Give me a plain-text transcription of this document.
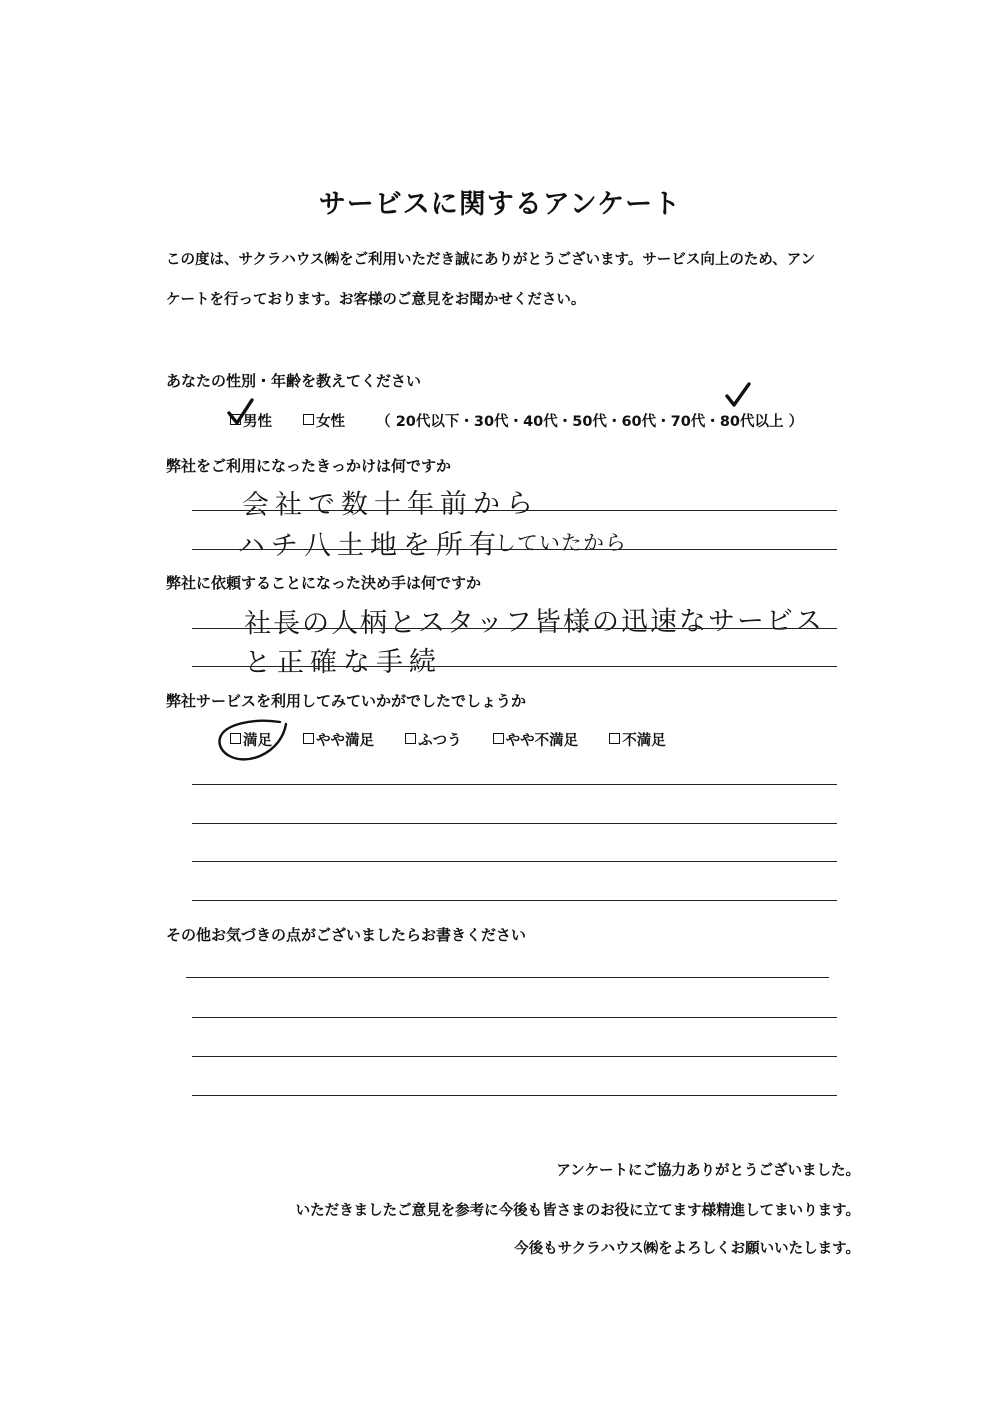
サービスに関するアンケート
この度は、サクラハウス㈱をご利用いただき誠にありがとうございます。サービス向上のため、アン
ケートを行っております。お客様のご意見をお聞かせください。
あなたの性別・年齢を教えてください
男性	女性 （ 20代以下・30代・40代・50代・60代・70代・80代以上 ）
弊社をご利用になったきっかけは何ですか
会社で数十年前から
ハチ八土地を所有
していたから
弊社に依頼することになった決め手は何ですか
社長の人柄とスタッフ皆様の迅速なサービス
と正確な手続
弊社サービスを利用してみていかがでしたでしょうか
満足	やや満足	ふつう	やや不満足	不満足
その他お気づきの点がございましたらお書きください
アンケートにご協力ありがとうございました。
いただきましたご意見を参考に今後も皆さまのお役に立てます様精進してまいります。
今後もサクラハウス㈱をよろしくお願いいたします。
